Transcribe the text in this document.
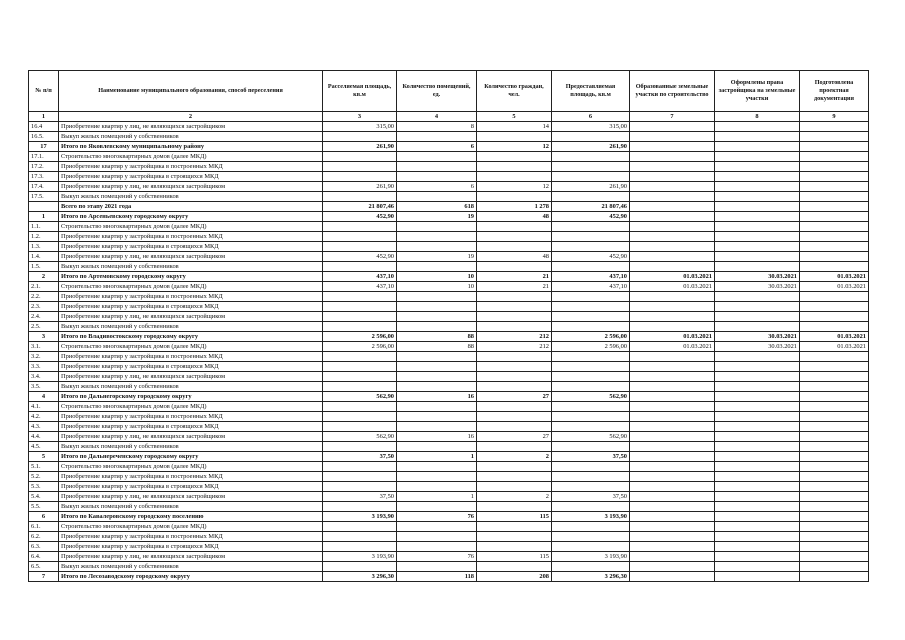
№ п/п	Наименование муниципального образования, способ переселения	Расселяемая площадь, кв.м	Количество помещений, ед.	Количество граждан, чел.	Предоставляемая площадь, кв.м	Образованные земельные участки по строительство	Оформлены права застройщика на земельные участки	Подготовлена проектная документация
1	2	3	4	5	6	7	8	9
16.4	Приобретение квартир у лиц, не являющихся застройщиком	315,00	8	14	315,00			
16.5.	Выкуп жилых помещений у собственников							
17	Итого по Яковлевскому муниципальному району	261,90	6	12	261,90			
17.1.	Строительство многоквартирных домов (далее МКД)							
17.2.	Приобретение квартир у застройщика в построенных МКД							
17.3.	Приобретение квартир у застройщика в строящихся МКД							
17.4.	Приобретение квартир у лиц, не являющихся застройщиком	261,90	6	12	261,90			
17.5.	Выкуп жилых помещений у собственников							
	Всего по этапу 2021 года	21 807,46	618	1 278	21 807,46			
1	Итого по Арсеньевскому городскому округу	452,90	19	48	452,90			
1.1.	Строительство многоквартирных домов (далее МКД)							
1.2.	Приобретение квартир у застройщика в построенных МКД							
1.3.	Приобретение квартир у застройщика в строящихся МКД							
1.4.	Приобретение квартир у лиц, не являющихся застройщиком	452,90	19	48	452,90			
1.5.	Выкуп жилых помещений у собственников							
2	Итого по Артемовскому городскому округу	437,10	10	21	437,10	01.03.2021	30.03.2021	01.03.2021
2.1.	Строительство многоквартирных домов (далее МКД)	437,10	10	21	437,10	01.03.2021	30.03.2021	01.03.2021
2.2.	Приобретение квартир у застройщика в построенных МКД							
2.3.	Приобретение квартир у застройщика в строящихся МКД							
2.4.	Приобретение квартир у лиц, не являющихся застройщиком							
2.5.	Выкуп жилых помещений у собственников							
3	Итого по Владивостокскому городскому округу	2 596,00	88	212	2 596,00	01.03.2021	30.03.2021	01.03.2021
3.1.	Строительство многоквартирных домов (далее МКД)	2 596,00	88	212	2 596,00	01.03.2021	30.03.2021	01.03.2021
3.2.	Приобретение квартир у застройщика в построенных МКД							
3.3.	Приобретение квартир у застройщика в строящихся МКД							
3.4.	Приобретение квартир у лиц, не являющихся застройщиком							
3.5.	Выкуп жилых помещений у собственников							
4	Итого по Дальнегорскому городскому округу	562,90	16	27	562,90			
4.1.	Строительство многоквартирных домов (далее МКД)							
4.2.	Приобретение квартир у застройщика в построенных МКД							
4.3.	Приобретение квартир у застройщика в строящихся МКД							
4.4.	Приобретение квартир у лиц, не являющихся застройщиком	562,90	16	27	562,90			
4.5.	Выкуп жилых помещений у собственников							
5	Итого по Дальнереченскому городскому округу	37,50	1	2	37,50			
5.1.	Строительство многоквартирных домов (далее МКД)							
5.2.	Приобретение квартир у застройщика в построенных МКД							
5.3.	Приобретение квартир у застройщика в строящихся МКД							
5.4.	Приобретение квартир у лиц, не являющихся застройщиком	37,50	1	2	37,50			
5.5.	Выкуп жилых помещений у собственников							
6	Итого по Кавалеровскому городскому поселению	3 193,90	76	115	3 193,90			
6.1.	Строительство многоквартирных домов (далее МКД)							
6.2.	Приобретение квартир у застройщика в построенных МКД							
6.3.	Приобретение квартир у застройщика в строящихся МКД							
6.4.	Приобретение квартир у лиц, не являющихся застройщиком	3 193,90	76	115	3 193,90			
6.5.	Выкуп жилых помещений у собственников							
7	Итого по Лесозаводскому городскому округу	3 296,30	118	208	3 296,30			
